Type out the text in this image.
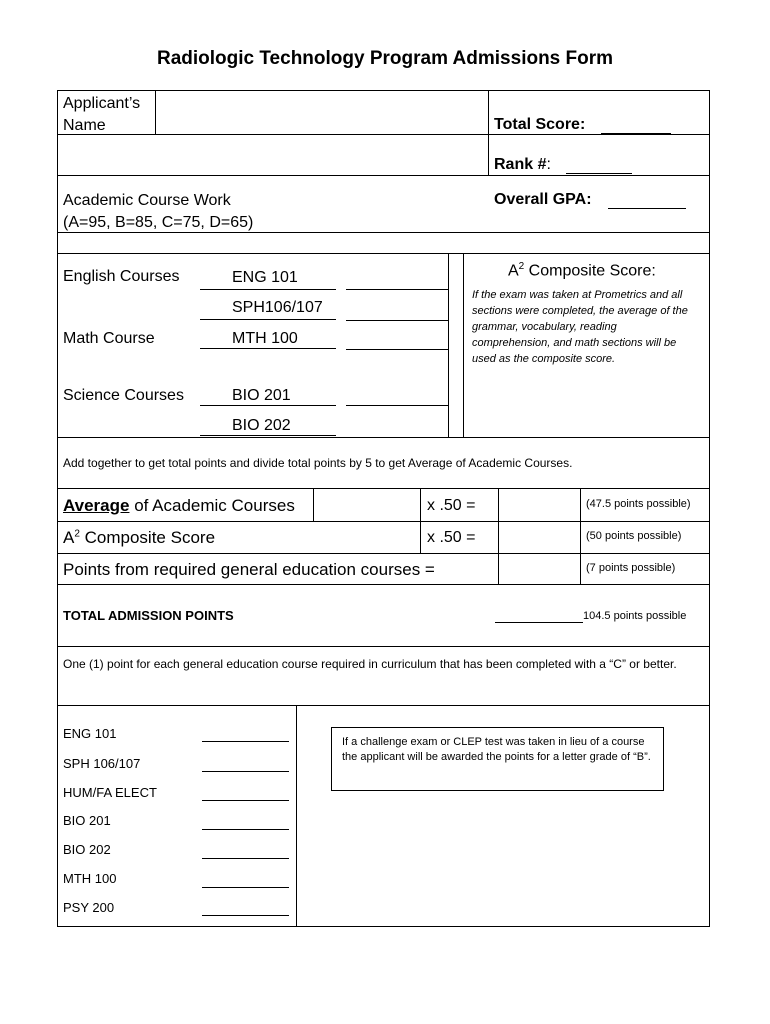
Radiologic Technology Program Admissions Form
Applicant’s
Name	Total Score:
Rank #:
Academic Course Work
(A=95, B=85, C=75, D=65)
Overall GPA:
English Courses	ENG 101
SPH106/107
Math Course	MTH 100
Science Courses	BIO 201
BIO 202
$A^2$ Composite Score:
If the exam was taken at Prometrics and all sections were completed, the average of the grammar, vocabulary, reading comprehension, and math sections will be used as the composite score.
Add together to get total points and divide total points by 5 to get Average of Academic Courses.
Average of Academic Courses	x .50 =	(47.5 points possible)
$A^2$ Composite Score	x .50 =	(50 points possible)
Points from required general education courses =	(7 points possible)
TOTAL ADMISSION POINTS	104.5 points possible
One (1) point for each general education course required in curriculum that has been completed with a “C” or better.
ENG 101
SPH 106/107
HUM/FA ELECT
BIO 201
BIO 202
MTH 100
PSY 200
If a challenge exam or CLEP test was taken in lieu of a course the applicant will be awarded the points for a letter grade of “B”.
